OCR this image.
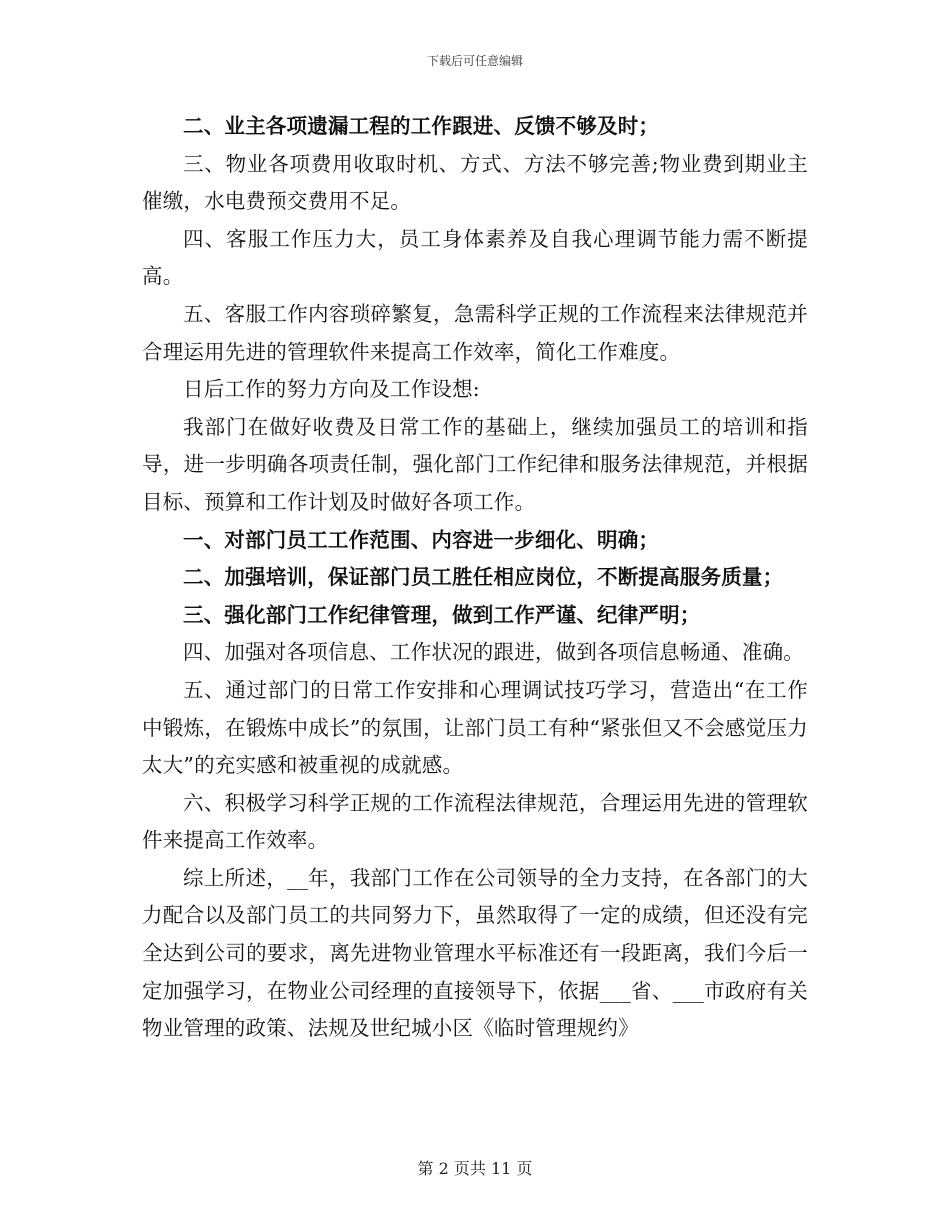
下载后可任意编辑

二、业主各项遗漏工程的工作跟进、反馈不够及时；

三、物业各项费用收取时机、方式、方法不够完善;物业费到期业主催缴，水电费预交费用不足。

四、客服工作压力大，员工身体素养及自我心理调节能力需不断提高。

五、客服工作内容琐碎繁复，急需科学正规的工作流程来法律规范并合理运用先进的管理软件来提高工作效率，简化工作难度。

日后工作的努力方向及工作设想:

我部门在做好收费及日常工作的基础上，继续加强员工的培训和指导，进一步明确各项责任制，强化部门工作纪律和服务法律规范，并根据目标、预算和工作计划及时做好各项工作。

一、对部门员工工作范围、内容进一步细化、明确；

二、加强培训，保证部门员工胜任相应岗位，不断提高服务质量；

三、强化部门工作纪律管理，做到工作严谨、纪律严明；

四、加强对各项信息、工作状况的跟进，做到各项信息畅通、准确。

五、通过部门的日常工作安排和心理调试技巧学习，营造出“在工作中锻炼，在锻炼中成长”的氛围，让部门员工有种“紧张但又不会感觉压力太大”的充实感和被重视的成就感。

六、积极学习科学正规的工作流程法律规范，合理运用先进的管理软件来提高工作效率。

综上所述，__年，我部门工作在公司领导的全力支持，在各部门的大力配合以及部门员工的共同努力下，虽然取得了一定的成绩，但还没有完全达到公司的要求，离先进物业管理水平标准还有一段距离，我们今后一定加强学习，在物业公司经理的直接领导下，依据___省、___市政府有关物业管理的政策、法规及世纪城小区《临时管理规约》

第 2 页共 11 页
